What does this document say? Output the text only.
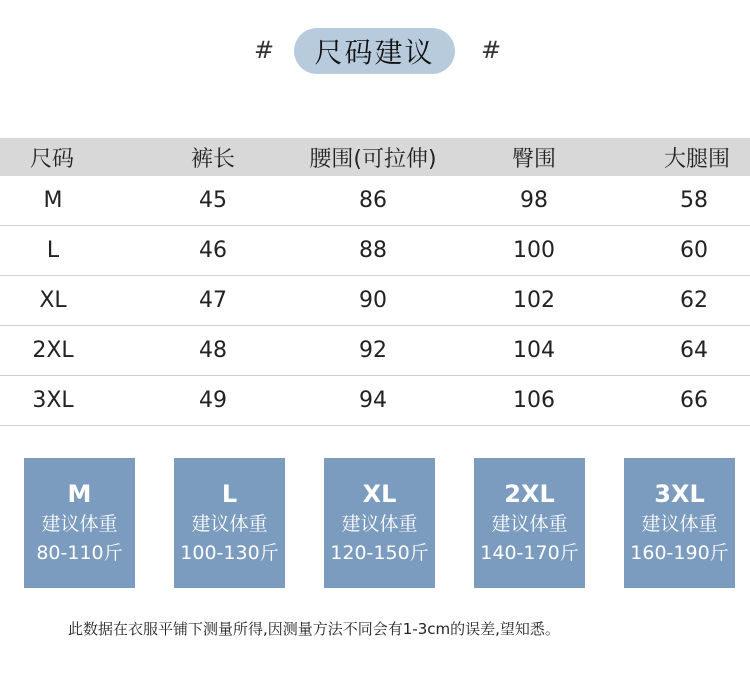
#	尺码建议	#
尺码	裤长	腰围(可拉伸)	臀围	大腿围
M	45	86	98	58
L	46	88	100	60
XL	47	90	102	62
2XL	48	92	104	64
3XL	49	94	106	66
M
建议体重
80-110斤
L
建议体重
100-130斤
XL
建议体重
120-150斤
2XL
建议体重
140-170斤
3XL
建议体重
160-190斤
此数据在衣服平铺下测量所得,因测量方法不同会有1-3cm的误差,望知悉。
